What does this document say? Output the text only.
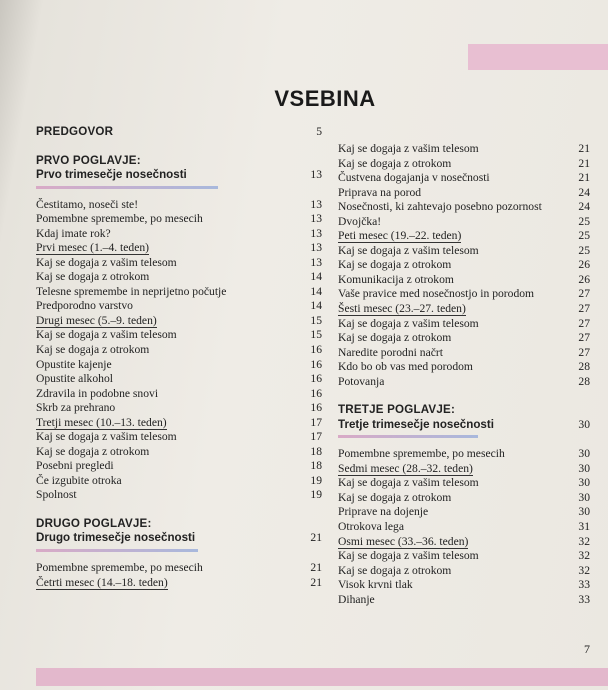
VSEBINA
PREDGOVOR	5
PRVO POGLAVJE:
Prvo trimesečje nosečnosti	13
Čestitamo, noseči ste!	13
Pomembne spremembe, po mesecih	13
Kdaj imate rok?	13
Prvi mesec (1.–4. teden)	13
Kaj se dogaja z vašim telesom	13
Kaj se dogaja z otrokom	14
Telesne spremembe in neprijetno počutje	14
Predporodno varstvo	14
Drugi mesec (5.–9. teden)	15
Kaj se dogaja z vašim telesom	15
Kaj se dogaja z otrokom	16
Opustite kajenje	16
Opustite alkohol	16
Zdravila in podobne snovi	16
Skrb za prehrano	16
Tretji mesec (10.–13. teden)	17
Kaj se dogaja z vašim telesom	17
Kaj se dogaja z otrokom	18
Posebni pregledi	18
Če izgubite otroka	19
Spolnost	19
DRUGO POGLAVJE:
Drugo trimesečje nosečnosti	21
Pomembne spremembe, po mesecih	21
Četrti mesec (14.–18. teden)	21
Kaj se dogaja z vašim telesom	21
Kaj se dogaja z otrokom	21
Čustvena dogajanja v nosečnosti	21
Priprava na porod	24
Nosečnosti, ki zahtevajo posebno pozornost	24
Dvojčka!	25
Peti mesec (19.–22. teden)	25
Kaj se dogaja z vašim telesom	25
Kaj se dogaja z otrokom	26
Komunikacija z otrokom	26
Vaše pravice med nosečnostjo in porodom	27
Šesti mesec (23.–27. teden)	27
Kaj se dogaja z vašim telesom	27
Kaj se dogaja z otrokom	27
Naredite porodni načrt	27
Kdo bo ob vas med porodom	28
Potovanja	28
TRETJE POGLAVJE:
Tretje trimesečje nosečnosti	30
Pomembne spremembe, po mesecih	30
Sedmi mesec (28.–32. teden)	30
Kaj se dogaja z vašim telesom	30
Kaj se dogaja z otrokom	30
Priprave na dojenje	30
Otrokova lega	31
Osmi mesec (33.–36. teden)	32
Kaj se dogaja z vašim telesom	32
Kaj se dogaja z otrokom	32
Visok krvni tlak	33
Dihanje	33
7
